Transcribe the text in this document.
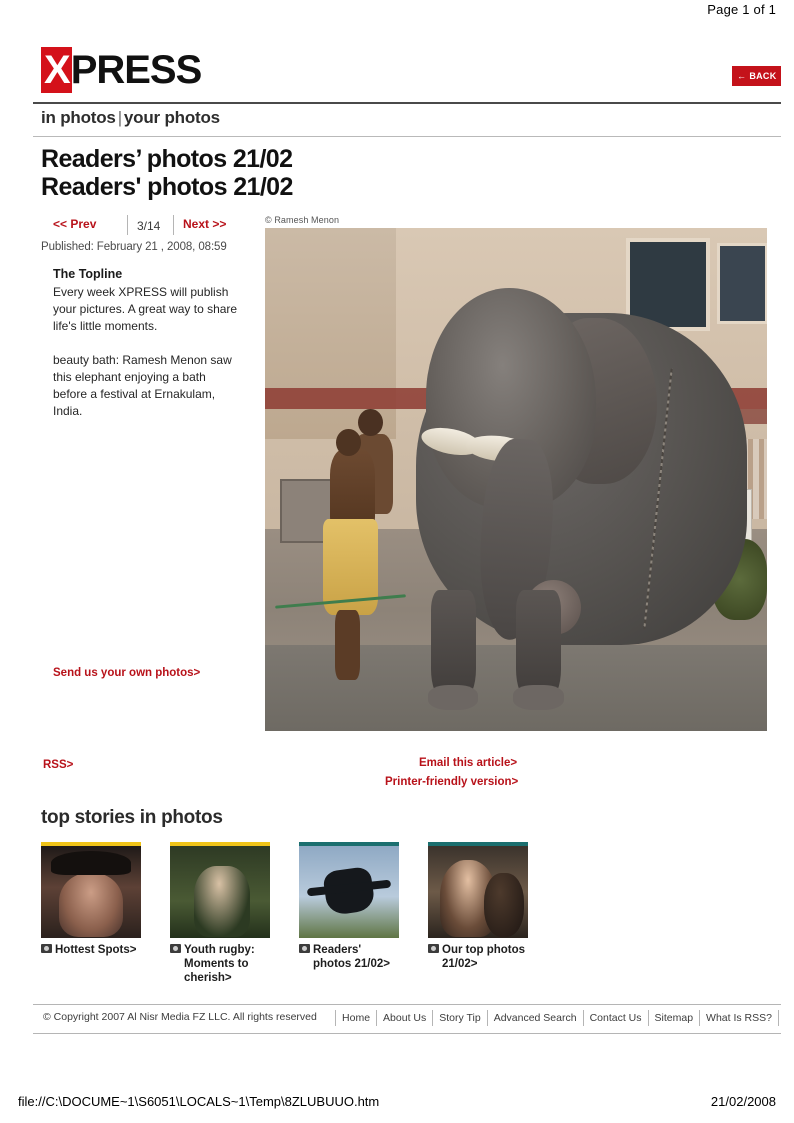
Page 1 of 1
XPRESS	← BACK
in photos | your photos
Readers’ photos 21/02
Readers' photos 21/02
<< Prev	3/14 Next >>
Published: February 21 , 2008, 08:59
The Topline
Every week XPRESS will publish your pictures. A great way to share life's little moments.
beauty bath: Ramesh Menon saw this elephant enjoying a bath before a festival at Ernakulam, India.
Send us your own photos>
© Ramesh Menon
RSS>	Email this article>
Printer-friendly version>
top stories in photos
Hottest Spots>	Youth rugby: Moments to cherish>
Readers' photos 21/02>
Our top photos 21/02>
© Copyright 2007 Al Nisr Media FZ LLC. All rights reserved	Home	About Us	Story Tip	Advanced Search	Contact Us	Sitemap	What Is RSS?
file://C:\DOCUME~1\S6051\LOCALS~1\Temp\8ZLUBUUO.htm	21/02/2008
